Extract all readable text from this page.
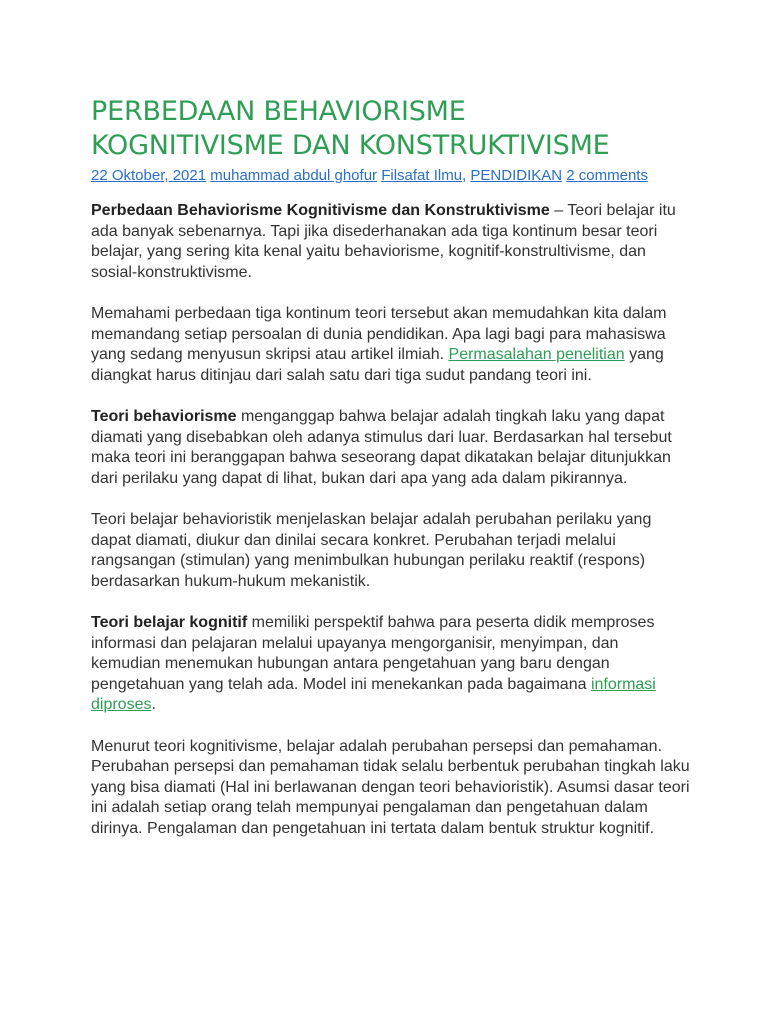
PERBEDAAN BEHAVIORISME
KOGNITIVISME DAN KONSTRUKTIVISME
22 Oktober, 2021 muhammad abdul ghofur Filsafat Ilmu, PENDIDIKAN 2 comments

Perbedaan Behaviorisme Kognitivisme dan Konstruktivisme – Teori belajar itu ada banyak sebenarnya. Tapi jika disederhanakan ada tiga kontinum besar teori belajar, yang sering kita kenal yaitu behaviorisme, kognitif-konstrultivisme, dan sosial-konstruktivisme.

Memahami perbedaan tiga kontinum teori tersebut akan memudahkan kita dalam memandang setiap persoalan di dunia pendidikan. Apa lagi bagi para mahasiswa yang sedang menyusun skripsi atau artikel ilmiah. Permasalahan penelitian yang diangkat harus ditinjau dari salah satu dari tiga sudut pandang teori ini.

Teori behaviorisme menganggap bahwa belajar adalah tingkah laku yang dapat diamati yang disebabkan oleh adanya stimulus dari luar. Berdasarkan hal tersebut maka teori ini beranggapan bahwa seseorang dapat dikatakan belajar ditunjukkan dari perilaku yang dapat di lihat, bukan dari apa yang ada dalam pikirannya.

Teori belajar behavioristik menjelaskan belajar adalah perubahan perilaku yang dapat diamati, diukur dan dinilai secara konkret. Perubahan terjadi melalui rangsangan (stimulan) yang menimbulkan hubungan perilaku reaktif (respons) berdasarkan hukum-hukum mekanistik.

Teori belajar kognitif memiliki perspektif bahwa para peserta didik memproses informasi dan pelajaran melalui upayanya mengorganisir, menyimpan, dan kemudian menemukan hubungan antara pengetahuan yang baru dengan pengetahuan yang telah ada. Model ini menekankan pada bagaimana informasi diproses.

Menurut teori kognitivisme, belajar adalah perubahan persepsi dan pemahaman. Perubahan persepsi dan pemahaman tidak selalu berbentuk perubahan tingkah laku yang bisa diamati (Hal ini berlawanan dengan teori behavioristik). Asumsi dasar teori ini adalah setiap orang telah mempunyai pengalaman dan pengetahuan dalam dirinya. Pengalaman dan pengetahuan ini tertata dalam bentuk struktur kognitif.
